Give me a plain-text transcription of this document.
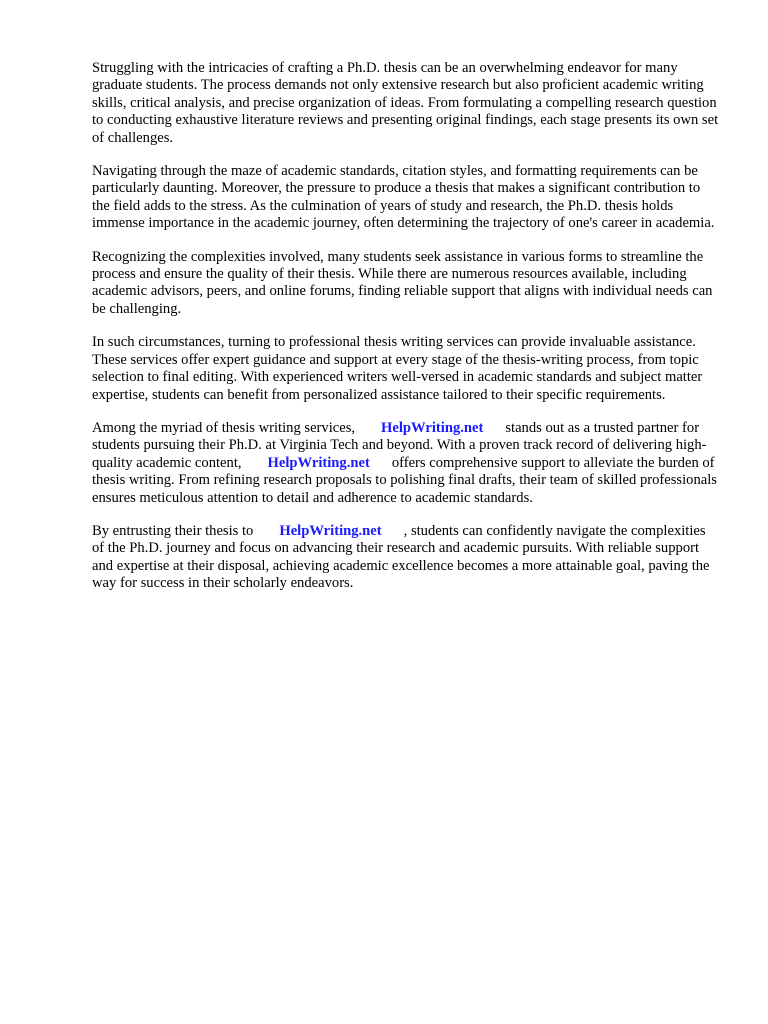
Struggling with the intricacies of crafting a Ph.D. thesis can be an overwhelming endeavor for many graduate students. The process demands not only extensive research but also proficient academic writing skills, critical analysis, and precise organization of ideas. From formulating a compelling research question to conducting exhaustive literature reviews and presenting original findings, each stage presents its own set of challenges.

Navigating through the maze of academic standards, citation styles, and formatting requirements can be particularly daunting. Moreover, the pressure to produce a thesis that makes a significant contribution to the field adds to the stress. As the culmination of years of study and research, the Ph.D. thesis holds immense importance in the academic journey, often determining the trajectory of one's career in academia.

Recognizing the complexities involved, many students seek assistance in various forms to streamline the process and ensure the quality of their thesis. While there are numerous resources available, including academic advisors, peers, and online forums, finding reliable support that aligns with individual needs can be challenging.

In such circumstances, turning to professional thesis writing services can provide invaluable assistance. These services offer expert guidance and support at every stage of the thesis-writing process, from topic selection to final editing. With experienced writers well-versed in academic standards and subject matter expertise, students can benefit from personalized assistance tailored to their specific requirements.

Among the myriad of thesis writing services, HelpWriting.net stands out as a trusted partner for students pursuing their Ph.D. at Virginia Tech and beyond. With a proven track record of delivering high-quality academic content, HelpWriting.net offers comprehensive support to alleviate the burden of thesis writing. From refining research proposals to polishing final drafts, their team of skilled professionals ensures meticulous attention to detail and adherence to academic standards.

By entrusting their thesis to HelpWriting.net , students can confidently navigate the complexities of the Ph.D. journey and focus on advancing their research and academic pursuits. With reliable support and expertise at their disposal, achieving academic excellence becomes a more attainable goal, paving the way for success in their scholarly endeavors.
